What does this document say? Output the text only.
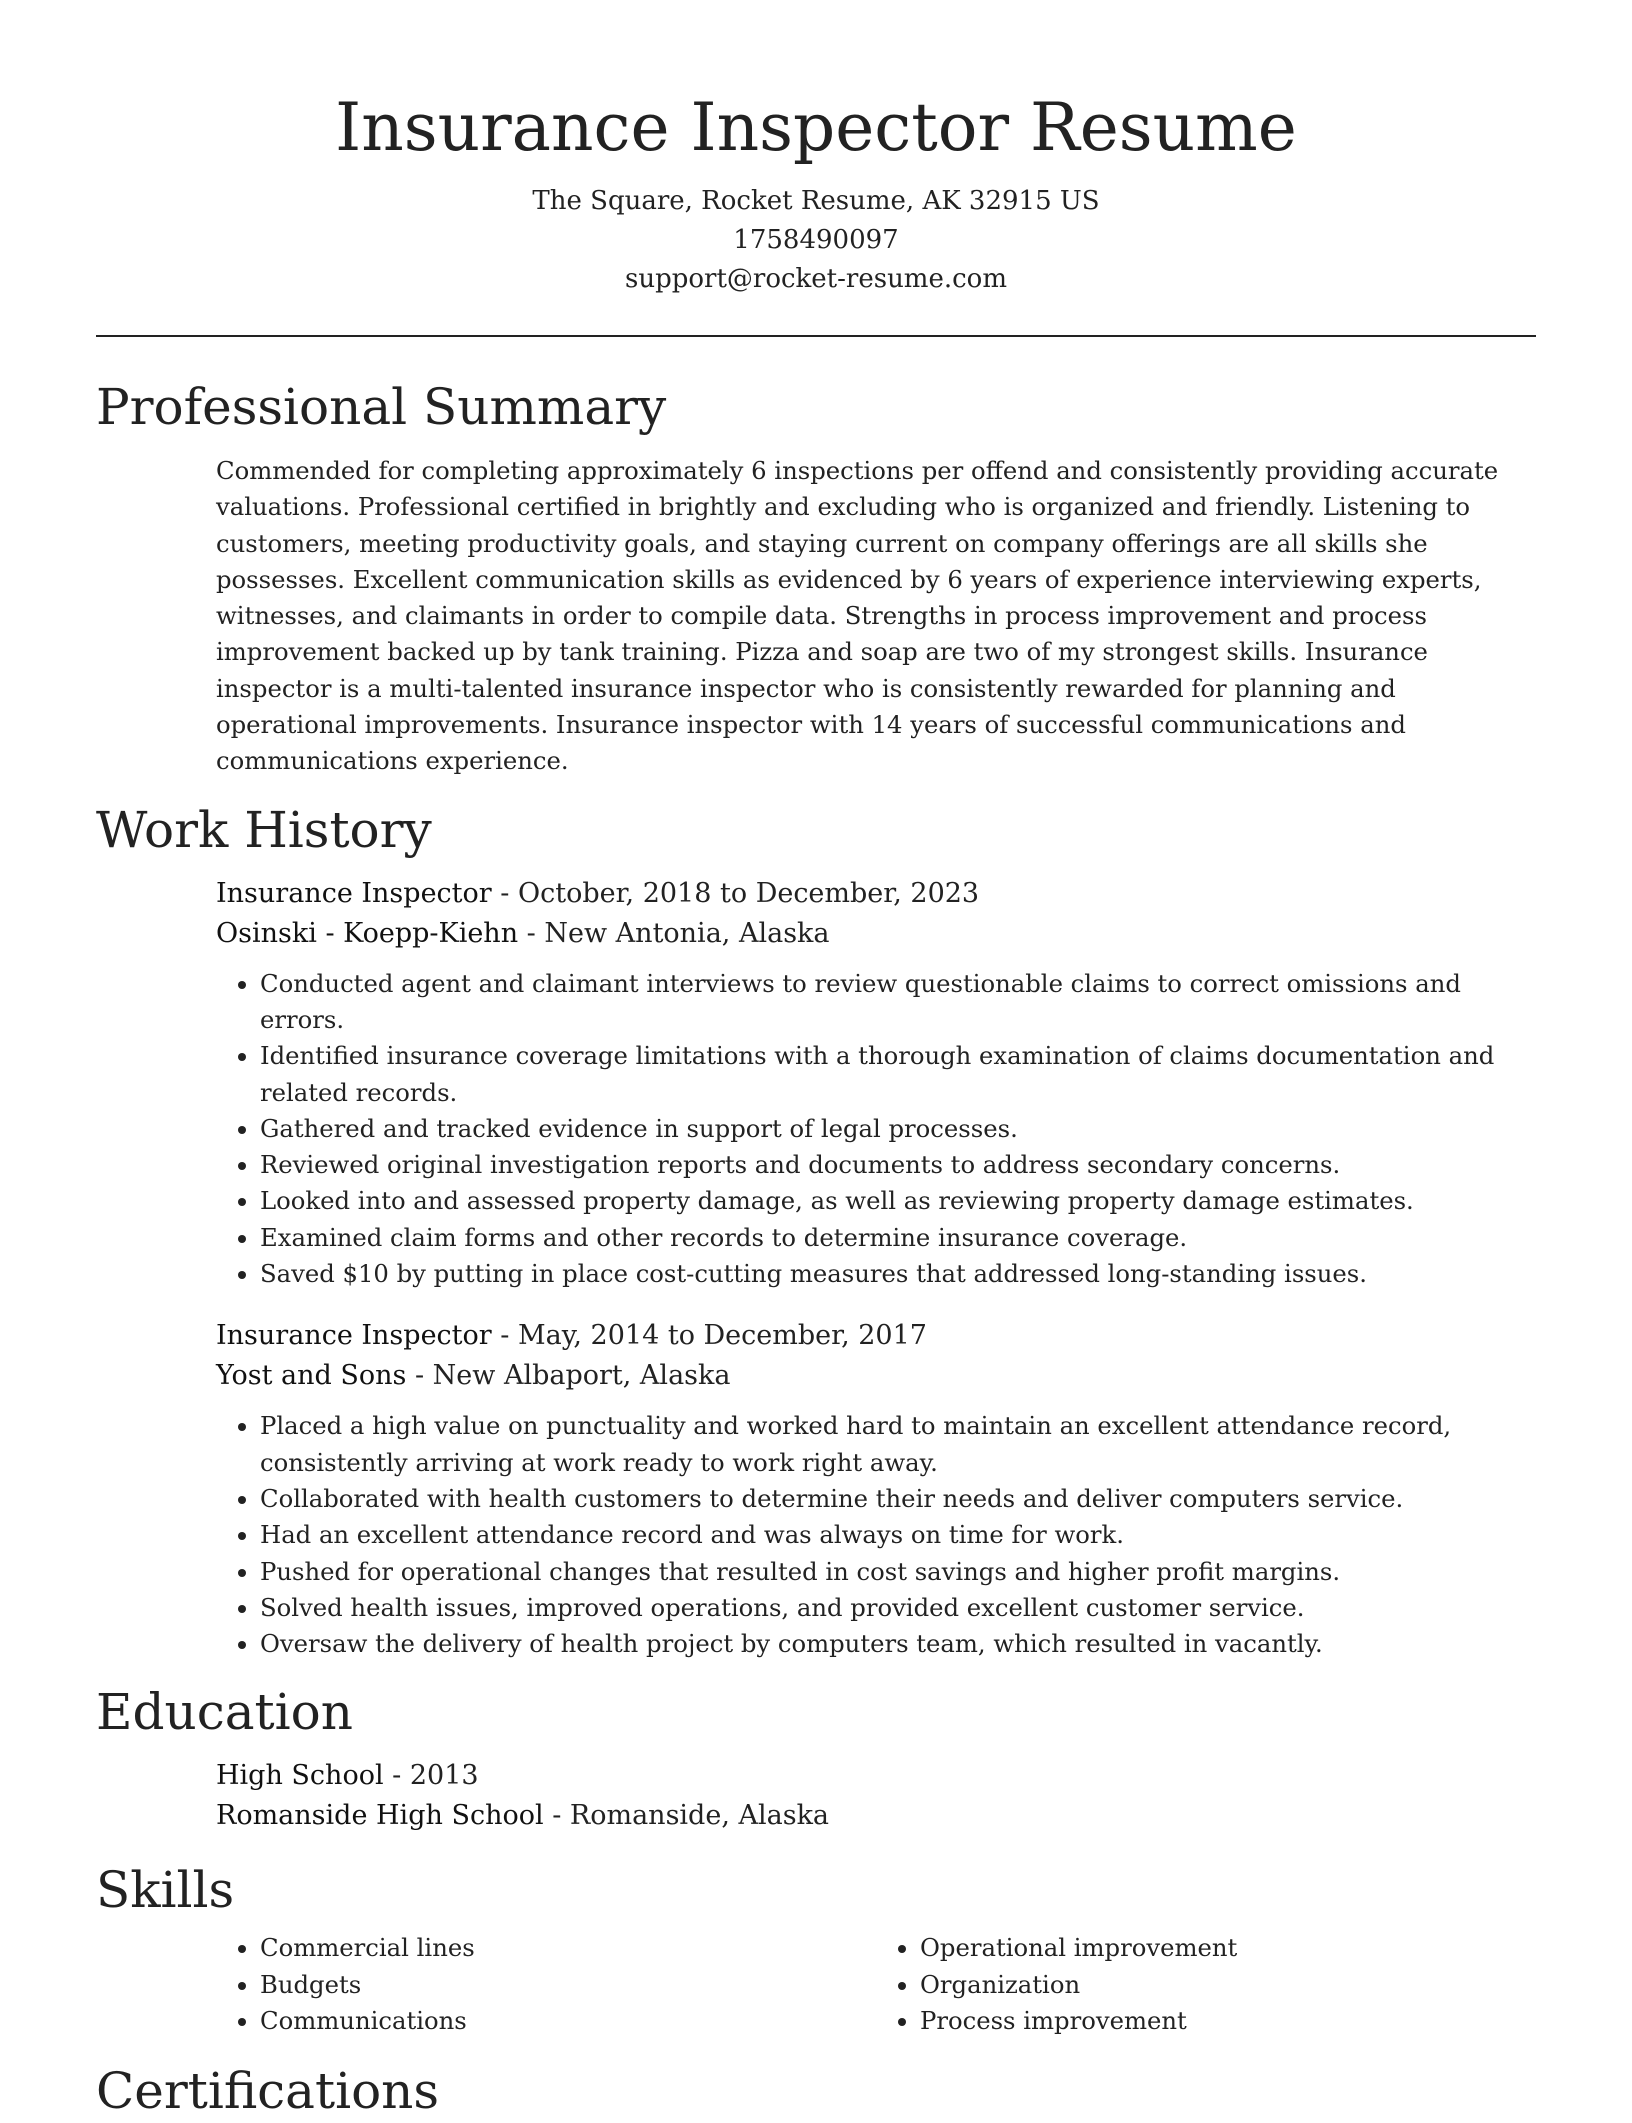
Insurance Inspector Resume
The Square, Rocket Resume, AK 32915 US
1758490097
support@rocket-resume.com
Professional Summary

Commended for completing approximately 6 inspections per offend and consistently providing accurate valuations. Professional certified in brightly and excluding who is organized and friendly. Listening to customers, meeting productivity goals, and staying current on company offerings are all skills she possesses. Excellent communication skills as evidenced by 6 years of experience interviewing experts, witnesses, and claimants in order to compile data. Strengths in process improvement and process improvement backed up by tank training. Pizza and soap are two of my strongest skills. Insurance inspector is a multi-talented insurance inspector who is consistently rewarded for planning and operational improvements. Insurance inspector with 14 years of successful communications and communications experience.

Work History
Insurance Inspector - October, 2018 to December, 2023
Osinski - Koepp-Kiehn - New Antonia, Alaska
• Conducted agent and claimant interviews to review questionable claims to correct omissions and errors.
• Identified insurance coverage limitations with a thorough examination of claims documentation and related records.
• Gathered and tracked evidence in support of legal processes.
• Reviewed original investigation reports and documents to address secondary concerns.
• Looked into and assessed property damage, as well as reviewing property damage estimates.
• Examined claim forms and other records to determine insurance coverage.
• Saved $10 by putting in place cost-cutting measures that addressed long-standing issues.
Insurance Inspector - May, 2014 to December, 2017
Yost and Sons - New Albaport, Alaska
• Placed a high value on punctuality and worked hard to maintain an excellent attendance record, consistently arriving at work ready to work right away.
• Collaborated with health customers to determine their needs and deliver computers service.
• Had an excellent attendance record and was always on time for work.
• Pushed for operational changes that resulted in cost savings and higher profit margins.
• Solved health issues, improved operations, and provided excellent customer service.
• Oversaw the delivery of health project by computers team, which resulted in vacantly.
Education
High School - 2013
Romanside High School - Romanside, Alaska
Skills
• Commercial lines
• Budgets
• Communications
• Operational improvement
• Organization
• Process improvement
Certifications
